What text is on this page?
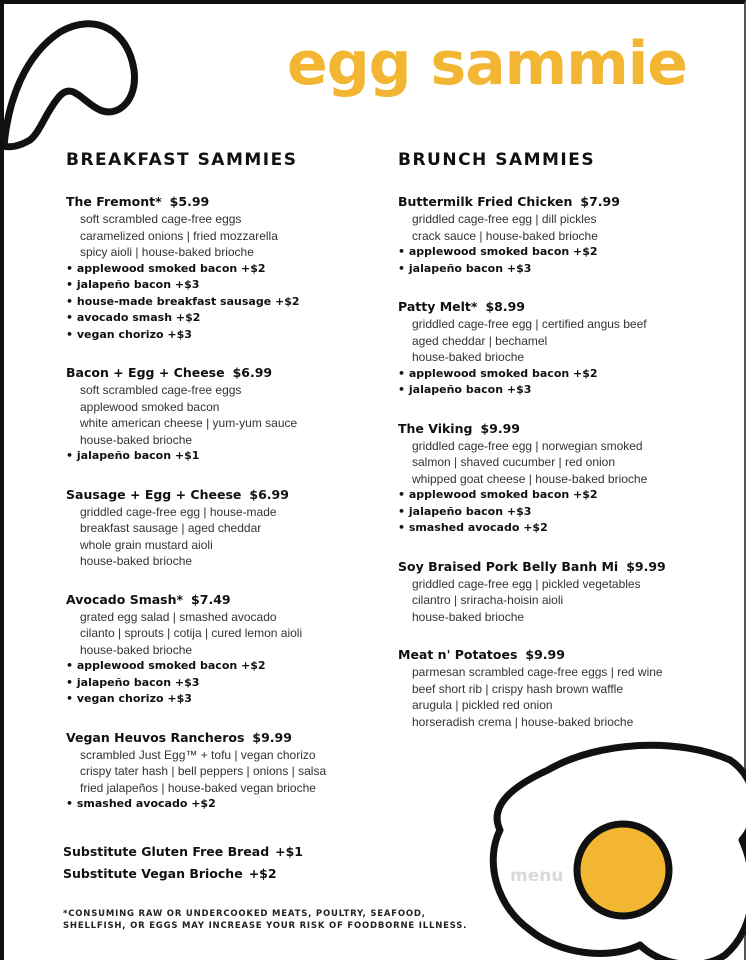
egg sammie
BREAKFAST SAMMIES
The Fremont* $5.99
soft scrambled cage-free eggs
caramelized onions | fried mozzarella
spicy aioli | house-baked brioche
• applewood smoked bacon +$2
• jalapeño bacon +$3
• house-made breakfast sausage +$2
• avocado smash +$2
• vegan chorizo +$3
Bacon + Egg + Cheese $6.99
soft scrambled cage-free eggs
applewood smoked bacon
white american cheese | yum-yum sauce
house-baked brioche
• jalapeño bacon +$1
Sausage + Egg + Cheese $6.99
griddled cage-free egg | house-made
breakfast sausage | aged cheddar
whole grain mustard aioli
house-baked brioche
Avocado Smash* $7.49
grated egg salad | smashed avocado
cilanto | sprouts | cotija | cured lemon aioli
house-baked brioche
• applewood smoked bacon +$2
• jalapeño bacon +$3
• vegan chorizo +$3
Vegan Heuvos Rancheros $9.99
scrambled Just Egg™ + tofu | vegan chorizo
crispy tater hash | bell peppers | onions | salsa
fried jalapeños | house-baked vegan brioche
• smashed avocado +$2
BRUNCH SAMMIES
Buttermilk Fried Chicken $7.99
griddled cage-free egg | dill pickles
crack sauce | house-baked brioche
• applewood smoked bacon +$2
• jalapeño bacon +$3
Patty Melt* $8.99
griddled cage-free egg | certified angus beef
aged cheddar | bechamel
house-baked brioche
• applewood smoked bacon +$2
• jalapeño bacon +$3
The Viking $9.99
griddled cage-free egg | norwegian smoked
salmon | shaved cucumber | red onion
whipped goat cheese | house-baked brioche
• applewood smoked bacon +$2
• jalapeño bacon +$3
• smashed avocado +$2
Soy Braised Pork Belly Banh Mi $9.99
griddled cage-free egg | pickled vegetables
cilantro | sriracha-hoisin aioli
house-baked brioche
Meat n' Potatoes $9.99
parmesan scrambled cage-free eggs | red wine
beef short rib | crispy hash brown waffle
arugula | pickled red onion
horseradish crema | house-baked brioche
Substitute Gluten Free Bread +$1
Substitute Vegan Brioche +$2
*CONSUMING RAW OR UNDERCOOKED MEATS, POULTRY, SEAFOOD, SHELLFISH, OR EGGS MAY INCREASE YOUR RISK OF FOODBORNE ILLNESS.
menu
